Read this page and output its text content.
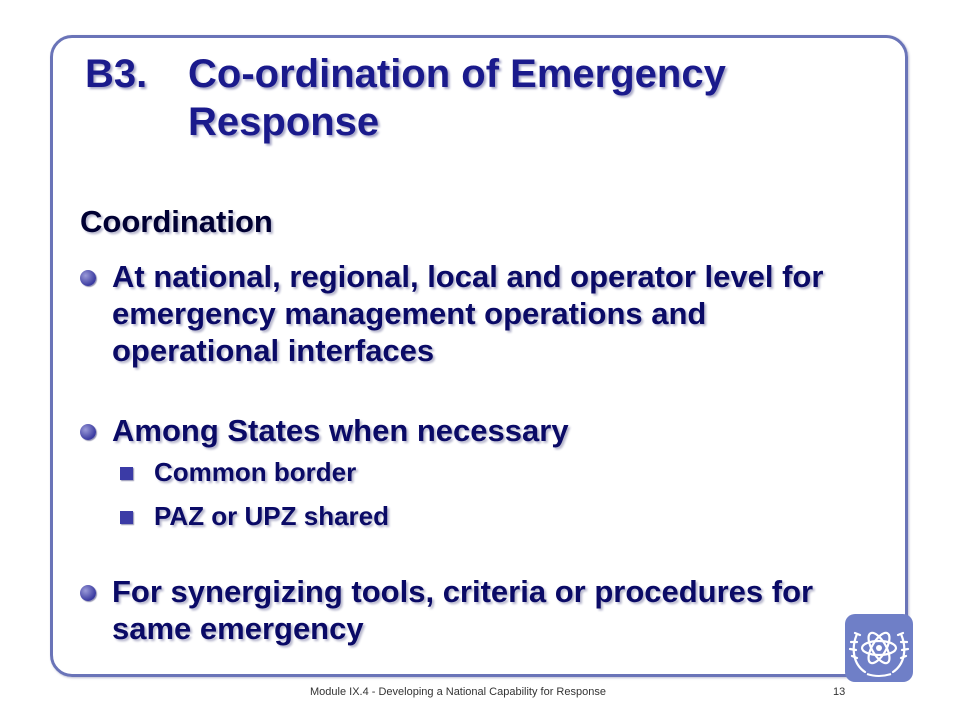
B3. Co-ordination of Emergency Response
Coordination
At national, regional, local and operator level for emergency management operations and operational interfaces
Among States when necessary
Common border
PAZ or UPZ shared
For synergizing tools, criteria or procedures for same emergency
Module IX.4 - Developing a National Capability for Response	13
